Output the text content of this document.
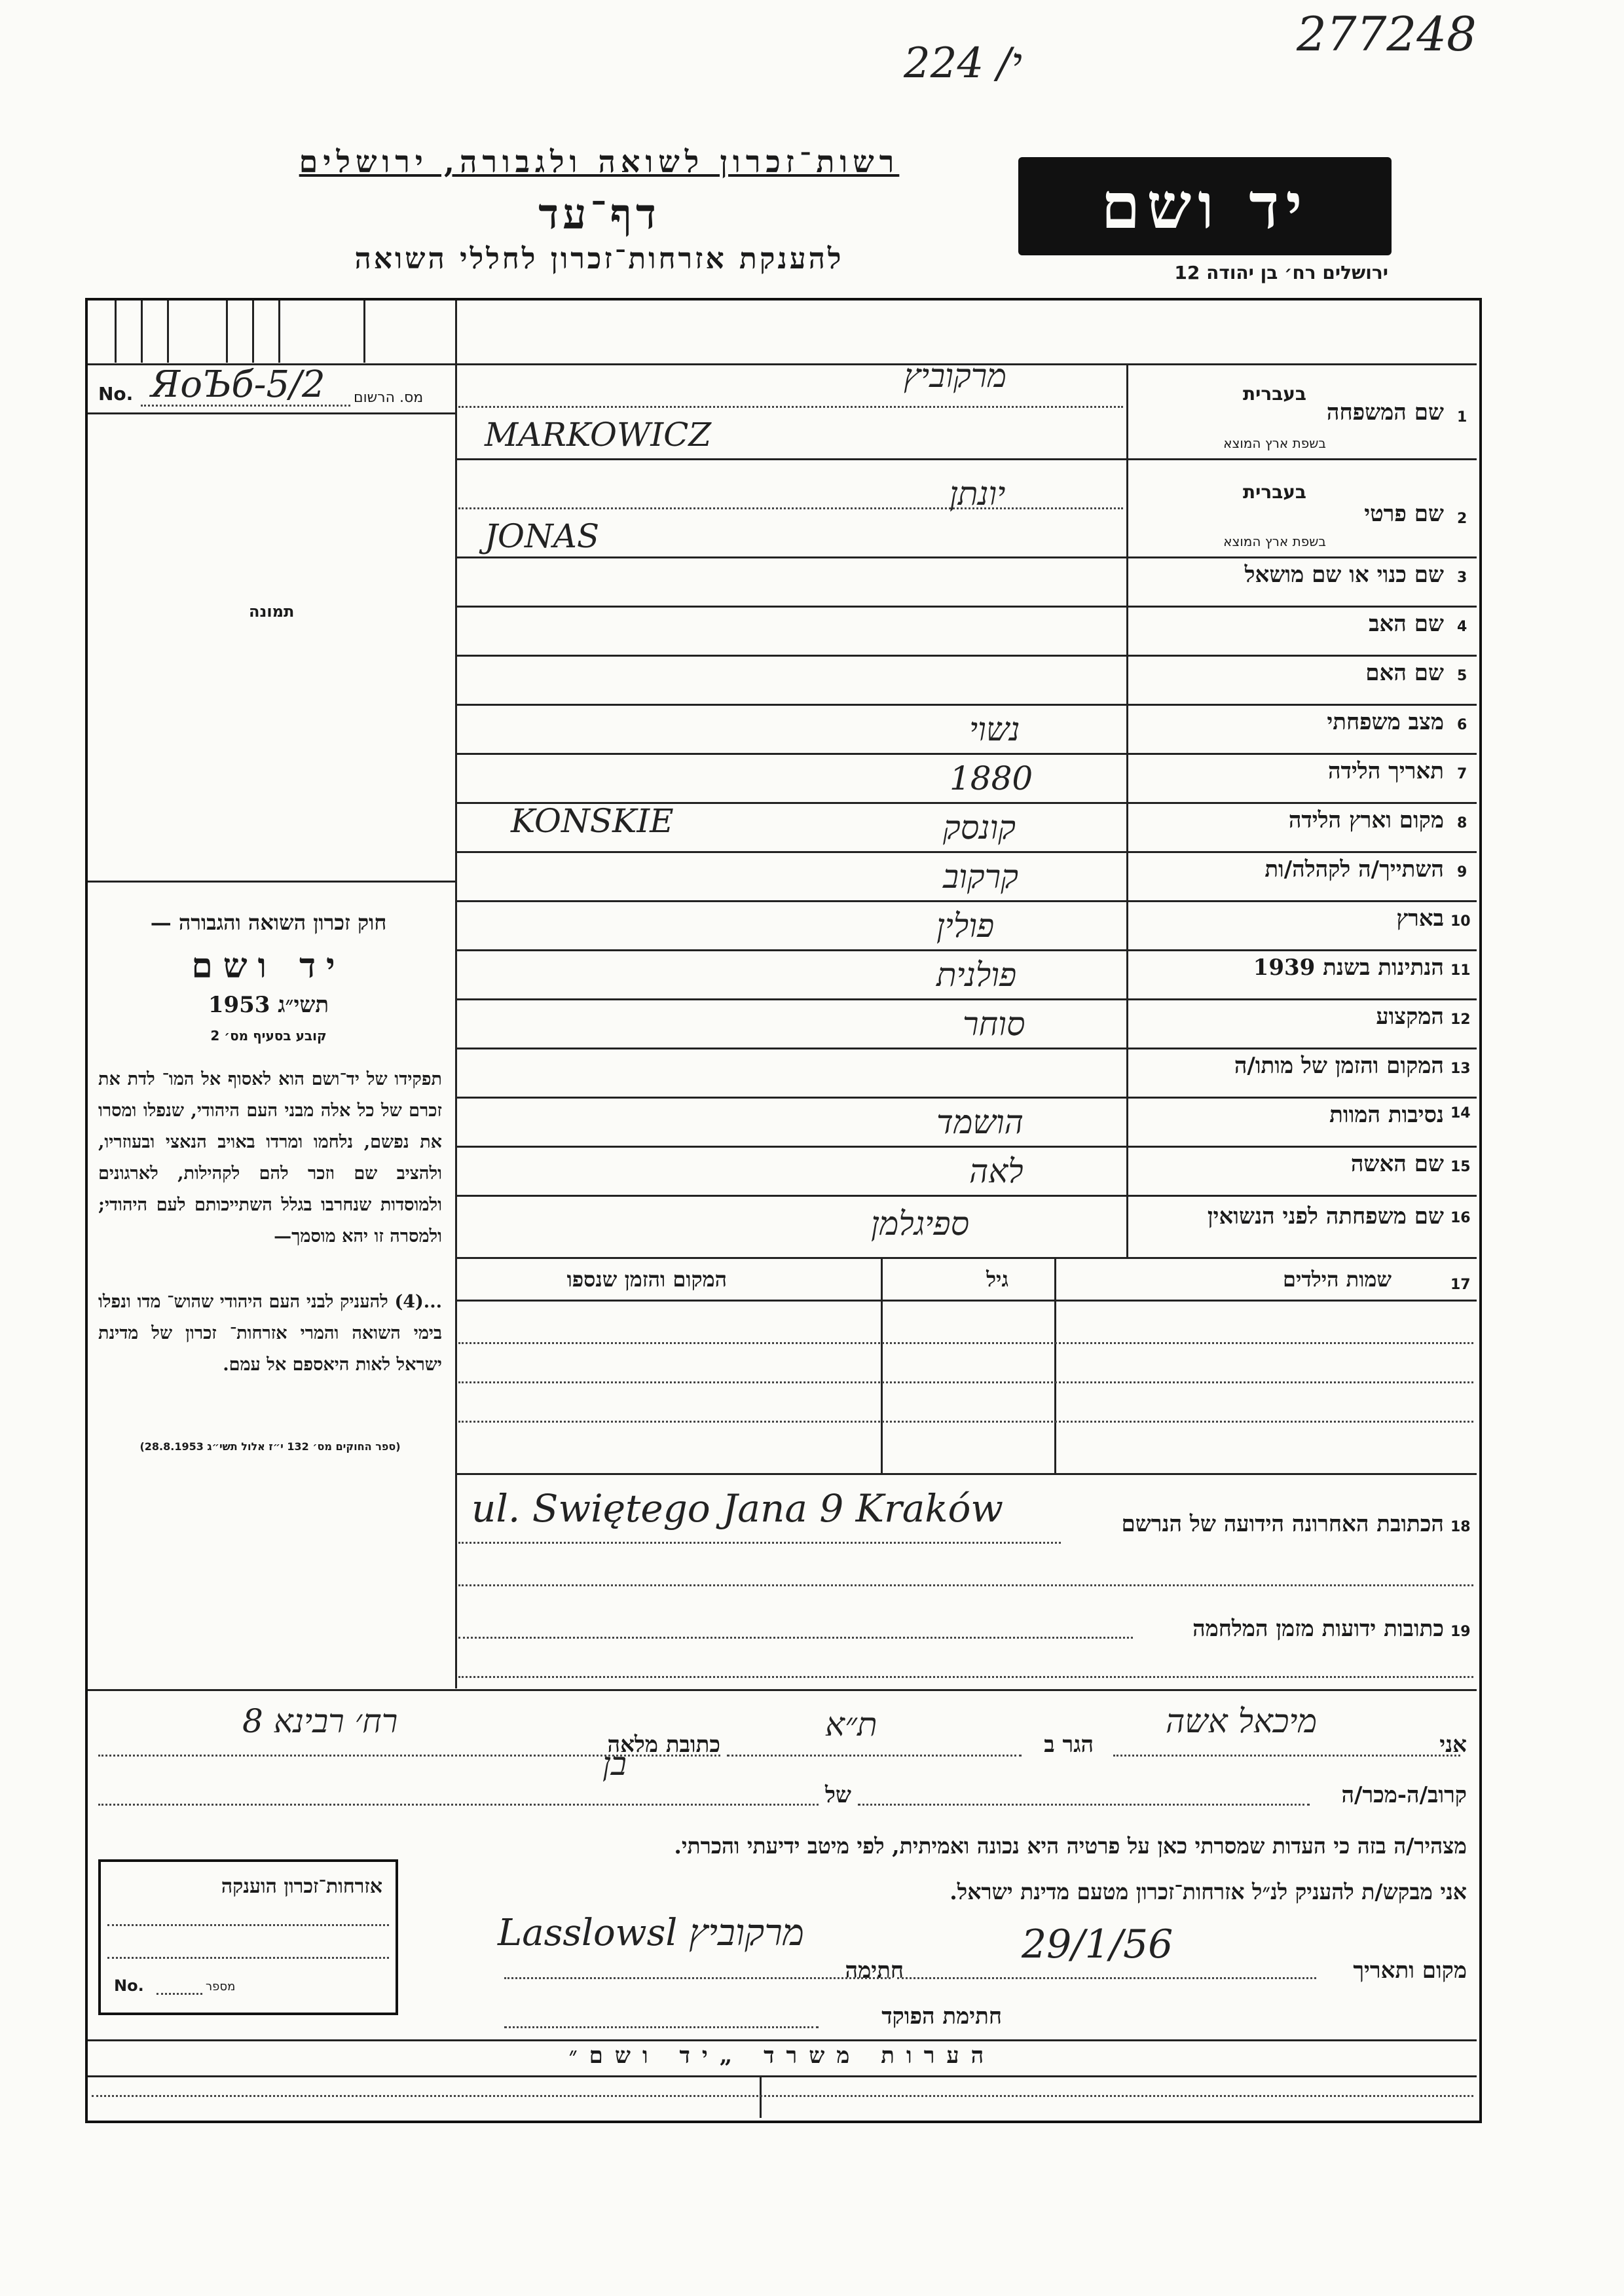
224 /י
277248
רשות־זכרון לשואה ולגבורה, ירושלים
דף־עד
להענקת אזרחות־זכרון לחללי השואה
יד ושם
ירושלים רח׳ בן יהודה 12
No. ЯoЪб-5/2 מס. הרשום
תמונה
חוק זכרון השואה והגבורה —
יד ושם
תשי״ג 1953
קובע בסעיף מס׳ 2
תפקידו של יד־ושם הוא לאסוף אל המו־ לדת את זכרם של כל אלה מבני העם היהודי, שנפלו ומסרו את נפשם, נלחמו ומרדו באויב הנאצי ובעוזריו, ולהציב שם וזכר להם לקהילות, לארגונים ולמוסדות שנחרבו בגלל השתייכותם לעם היהודי; ולמסרה זו יהא מוסמך—
...(4) להעניק לבני העם היהודי שהוש־ מדו ונפלו בימי השואה והמרי אזרחות־ זכרון של מדינת ישראל לאות היאספם אל עמם.
(ספר החוקים מס׳ 132 י״ז אלול תשי״ג 28.8.1953)
1
שם המשפחה
בעברית
בשפת ארץ המוצא
מרקוביץ
MARKOWICZ
2
שם פרטי
בעברית
בשפת ארץ המוצא
יונתן
JONAS
3
שם כנוי או שם מושאל
4
שם האב
5
שם האם
6
מצב משפחתי
נשוי
7
תאריך הלידה
1880
8
מקום וארץ הלידה
קונסק
KONSKIE
9
השתייך/ה לקהלה/ות
קרקוב
10
בארץ
פולין
11
הנתינות בשנת 1939
פולנית
12
המקצוע
סוחר
13
המקום והזמן של מותו/ה
14
נסיבות המוות
הושמד
15
שם האשה
לאה
16
שם משפחתה לפני הנשואין
ספיגלמן
17
שמות הילדים
גיל
המקום והזמן שנספו
18
הכתובת האחרונה הידועה של הנרשם
ul. Swiętego Jana 9 Kraków
19
כתובות ידועות מזמן המלחמה
אני
מיכאל אשה
הגר ב
ת״א
כתובת מלאה
רח׳ רבינא 8
קרוב/ה-מכר/ה
בן
של
מצהיר/ה בזה כי העדות שמסרתי כאן על פרטיה היא נכונה ואמיתית, לפי מיטב ידיעתי והכרתי.
אני מבקש/ת להעניק לנ״ל אזרחות־זכרון מטעם מדינת ישראל.
מקום ותאריך
29/1/56
חתימה
Lasslowsl מרקוביץ
חתימת הפוקד
אזרחות־זכרון הוענקה
No.	מספר
הערות משרד „יד ושם״
